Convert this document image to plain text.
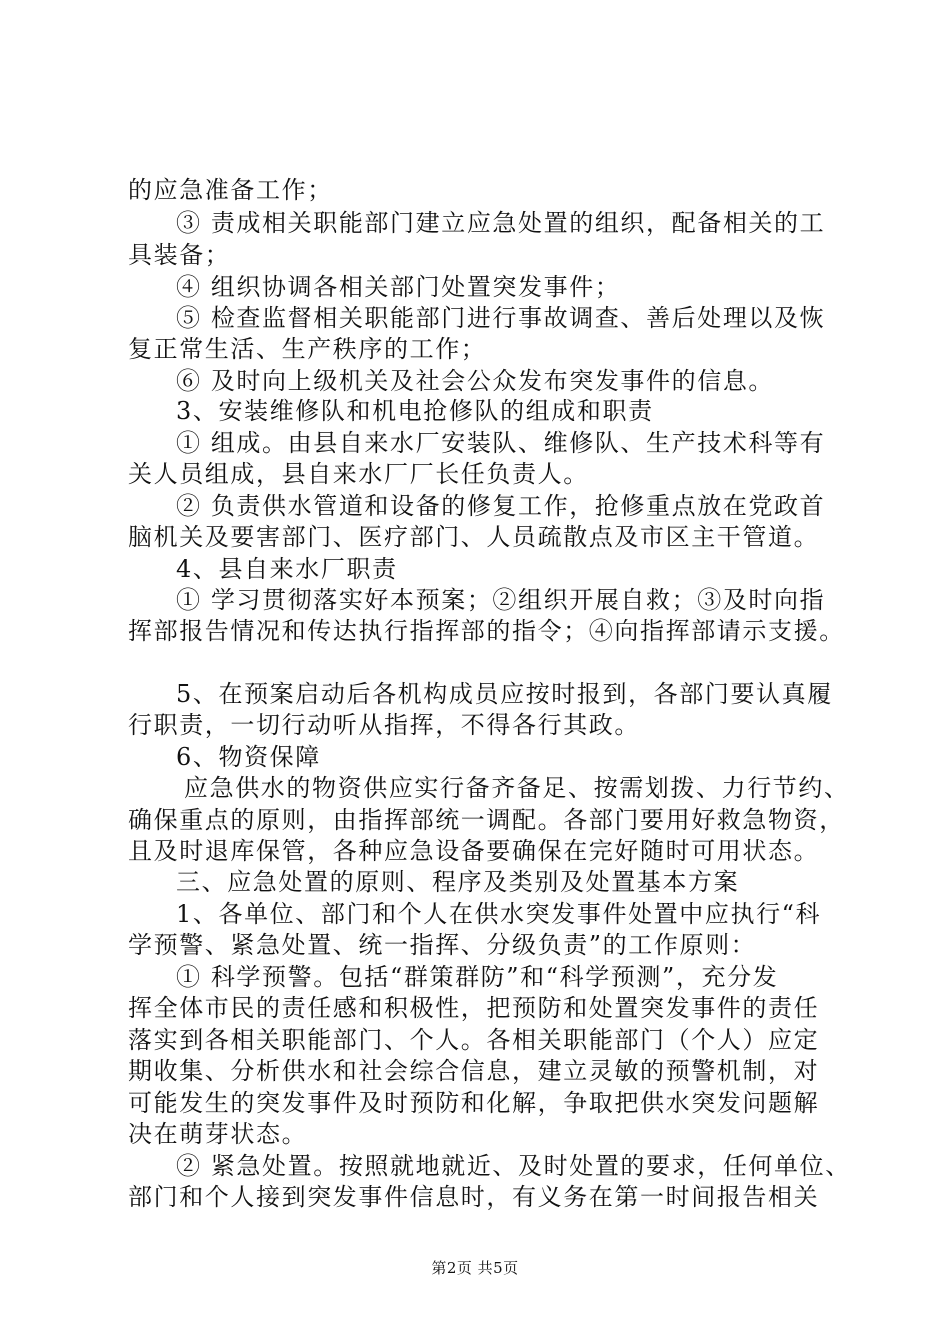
的应急准备工作；
③ 责成相关职能部门建立应急处置的组织，配备相关的工
具装备；
④ 组织协调各相关部门处置突发事件；
⑤ 检查监督相关职能部门进行事故调查、善后处理以及恢
复正常生活、生产秩序的工作；
⑥ 及时向上级机关及社会公众发布突发事件的信息。
3、安装维修队和机电抢修队的组成和职责
① 组成。由县自来水厂安装队、维修队、生产技术科等有
关人员组成，县自来水厂厂长任负责人。
② 负责供水管道和设备的修复工作，抢修重点放在党政首
脑机关及要害部门、医疗部门、人员疏散点及市区主干管道。
4、县自来水厂职责
① 学习贯彻落实好本预案；②组织开展自救；③及时向指
挥部报告情况和传达执行指挥部的指令；④向指挥部请示支援。
5、在预案启动后各机构成员应按时报到，各部门要认真履
行职责，一切行动听从指挥，不得各行其政。
6、物资保障
应急供水的物资供应实行备齐备足、按需划拨、力行节约、
确保重点的原则，由指挥部统一调配。各部门要用好救急物资，
且及时退库保管，各种应急设备要确保在完好随时可用状态。
三、应急处置的原则、程序及类别及处置基本方案
1、各单位、部门和个人在供水突发事件处置中应执行“科
学预警、紧急处置、统一指挥、分级负责”的工作原则：
① 科学预警。包括“群策群防”和“科学预测”，充分发
挥全体市民的责任感和积极性，把预防和处置突发事件的责任
落实到各相关职能部门、个人。各相关职能部门（个人）应定
期收集、分析供水和社会综合信息，建立灵敏的预警机制，对
可能发生的突发事件及时预防和化解，争取把供水突发问题解
决在萌芽状态。
② 紧急处置。按照就地就近、及时处置的要求，任何单位、
部门和个人接到突发事件信息时，有义务在第一时间报告相关
第2页 共5页
